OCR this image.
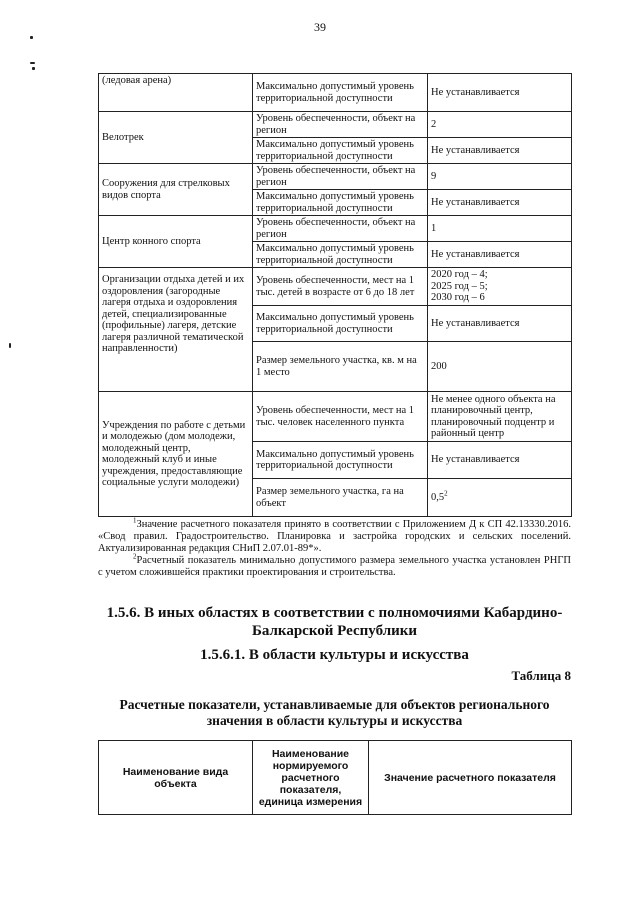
39
(ледовая арена)	Максимально допустимый уровень территориальной доступности	Не устанавливается
Велотрек	Уровень обеспеченности, объект на регион	2
	Максимально допустимый уровень территориальной доступности	Не устанавливается
Сооружения для стрелковых видов спорта	Уровень обеспеченности, объект на регион	9
	Максимально допустимый уровень территориальной доступности	Не устанавливается
Центр конного спорта	Уровень обеспеченности, объект на регион	1
	Максимально допустимый уровень территориальной доступности	Не устанавливается
Организации отдыха детей и их оздоровления (загородные лагеря отдыха и оздоровления детей, специализированные (профильные) лагеря, детские лагеря различной тематической направленности)	Уровень обеспеченности, мест на 1 тыс. детей в возрасте от 6 до 18 лет	2020 год – 4;
2025 год – 5;
2030 год – 6
	Максимально допустимый уровень территориальной доступности	Не устанавливается
	Размер земельного участка, кв. м на 1 место	200
Учреждения по работе с детьми и молодежью (дом молодежи, молодежный центр, молодежный клуб и иные учреждения, предоставляющие социальные услуги молодежи)	Уровень обеспеченности, мест на 1 тыс. человек населенного пункта	Не менее одного объекта на планировочный центр, планировочный подцентр и районный центр
	Максимально допустимый уровень территориальной доступности	Не устанавливается
	Размер земельного участка, га на объект	$0,5^2$

$^1$Значение расчетного показателя принято в соответствии с Приложением Д к СП 42.13330.2016. «Свод правил. Градостроительство. Планировка и застройка городских и сельских поселений. Актуализированная редакция СНиП 2.07.01-89*».

$^2$Расчетный показатель минимально допустимого размера земельного участка установлен РНГП с учетом сложившейся практики проектирования и строительства.

1.5.6. В иных областях в соответствии с полномочиями Кабардино-Балкарской Республики
1.5.6.1. В области культуры и искусства
Таблица 8
Расчетные показатели, устанавливаемые для объектов регионального значения в области культуры и искусства
Наименование вида объекта	Наименование нормируемого расчетного показателя, единица измерения	Значение расчетного показателя
